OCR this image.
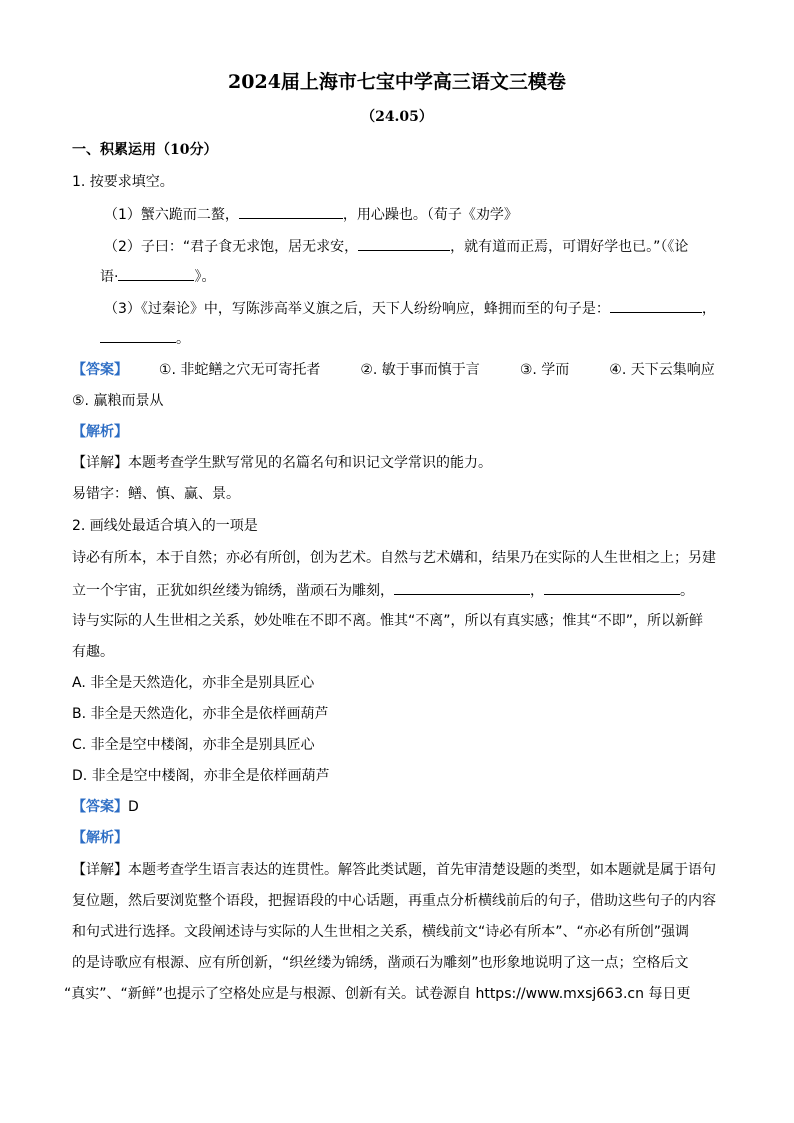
2024届上海市七宝中学高三语文三模卷
（24.05）
一、积累运用（10分）
1. 按要求填空。
（1）蟹六跪而二螯，	，用心躁也。（荀子《劝学》
（2）子曰：“君子食无求饱，居无求安，	，就有道而正焉，可谓好学也已。”（《论
语·	》。
（3）《过秦论》中，写陈涉高举义旗之后，天下人纷纷响应，蜂拥而至的句子是：	，
。
【答案】 ①. 非蛇鳝之穴无可寄托者	②. 敏于事而慎于言	③. 学而	④. 天下云集响应
⑤. 赢粮而景从
【解析】
【详解】本题考查学生默写常见的名篇名句和识记文学常识的能力。
易错字：鳝、慎、赢、景。
2. 画线处最适合填入的一项是
诗必有所本，本于自然；亦必有所创，创为艺术。自然与艺术媾和，结果乃在实际的人生世相之上；另建
立一个宇宙，正犹如织丝缕为锦绣，凿顽石为雕刻，	，	。
诗与实际的人生世相之关系，妙处唯在不即不离。惟其“不离”，所以有真实感；惟其“不即”，所以新鲜
有趣。
A. 非全是天然造化，亦非全是别具匠心
B. 非全是天然造化，亦非全是依样画葫芦
C. 非全是空中楼阁，亦非全是别具匠心
D. 非全是空中楼阁，亦非全是依样画葫芦
【答案】D
【解析】
【详解】本题考查学生语言表达的连贯性。解答此类试题，首先审清楚设题的类型，如本题就是属于语句
复位题，然后要浏览整个语段，把握语段的中心话题，再重点分析横线前后的句子，借助这些句子的内容
和句式进行选择。文段阐述诗与实际的人生世相之关系，横线前文“诗必有所本”、“亦必有所创”强调
的是诗歌应有根源、应有所创新，“织丝缕为锦绣，凿顽石为雕刻”也形象地说明了这一点；空格后文
“真实”、“新鲜”也提示了空格处应是与根源、创新有关。试卷源自 https://www.mxsj663.cn 每日更
